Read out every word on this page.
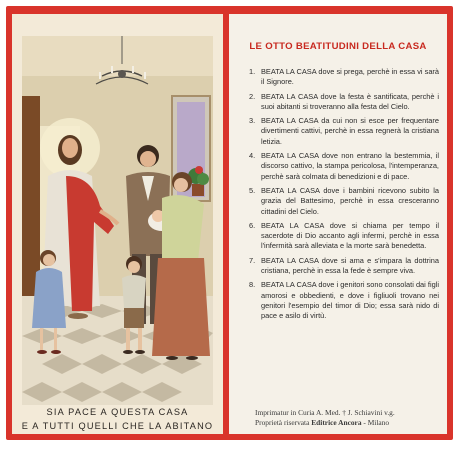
SIA PACE A QUESTA CASA
E A TUTTI QUELLI CHE LA ABITANO
LE OTTO BEATITUDINI DELLA CASA
1. BEATA LA CASA dove si prega, perchè in essa vi sarà il Signore.
2. BEATA LA CASA dove la festa è santificata, perchè i suoi abitanti si troveranno alla festa del Cielo.
3. BEATA LA CASA da cui non si esce per frequentare divertimenti cattivi, perchè in essa regnerà la cristiana letizia.
4. BEATA LA CASA dove non entrano la bestemmia, il discorso cattivo, la stampa pericolosa, l'intemperanza, perchè sarà colmata di benedizioni e di pace.
5. BEATA LA CASA dove i bambini ricevono subito la grazia del Battesimo, perchè in essa cresceranno cittadini del Cielo.
6. BEATA LA CASA dove si chiama per tempo il sacerdote di Dio accanto agli infermi, perchè in essa l'infermità sarà alleviata e la morte sarà benedetta.
7. BEATA LA CASA dove si ama e s'impara la dottrina cristiana, perchè in essa la fede è sempre viva.
8. BEATA LA CASA dove i genitori sono consolati dai figli amorosi e obbedienti, e dove i figliuoli trovano nei genitori l'esempio del timor di Dio; essa sarà nido di pace e asilo di virtù.
Imprimatur in Curia A. Med. † J. Schiavini v.g.
Proprietà riservata Editrice Ancora - Milano
